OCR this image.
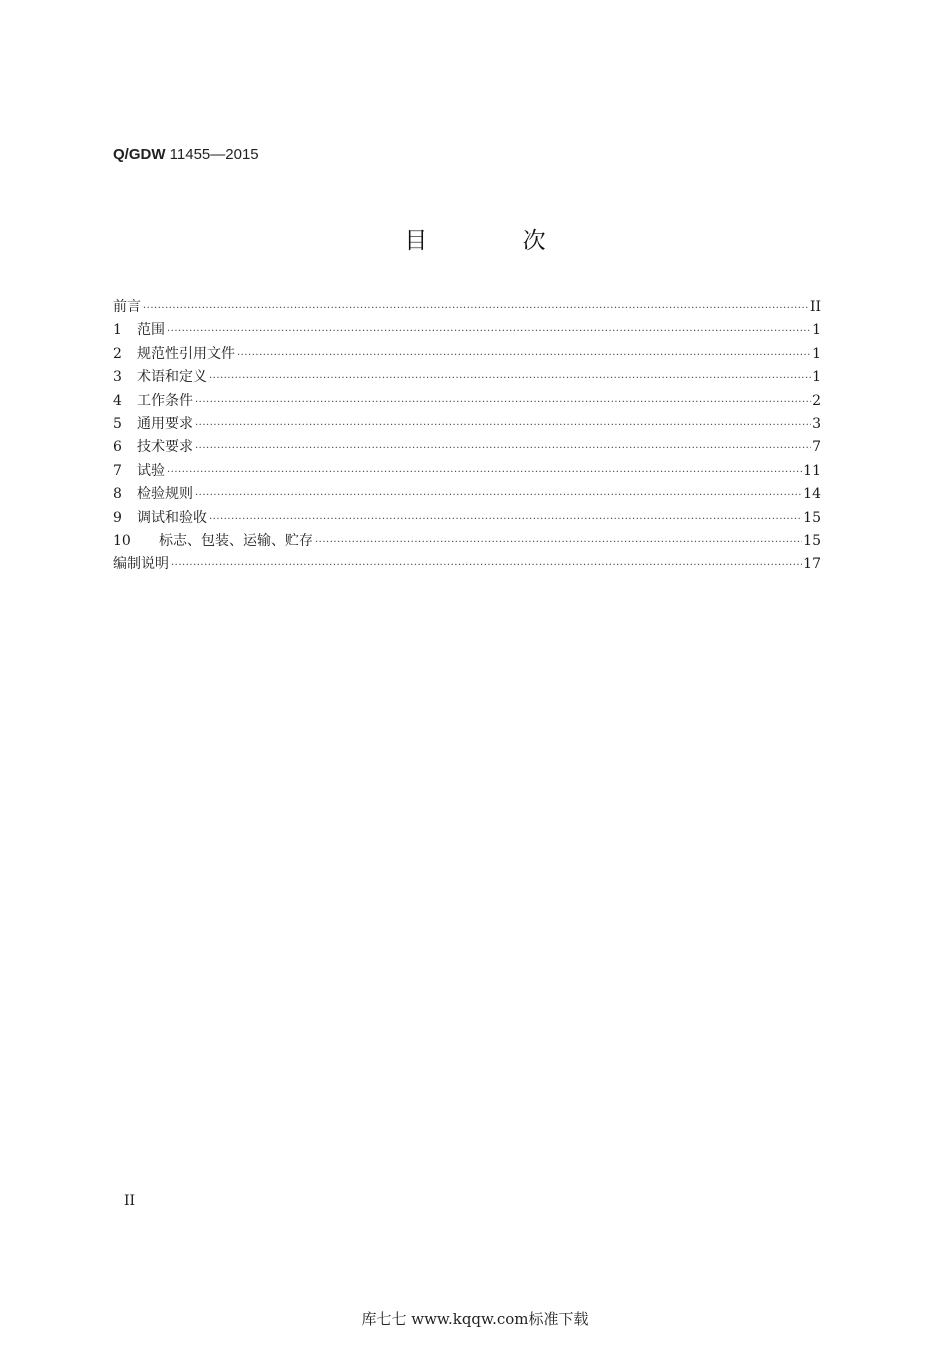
Q/GDW 11455—2015
目 次
前言 ·····	II
1	范围 ·····	1
2	规范性引用文件 ·····	1
3	术语和定义 ·····	1
4	工作条件 ·····	2
5	通用要求 ·····	3
6	技术要求 ·····	7
7	试验 ·····	11
8	检验规则 ·····	14
9	调试和验收 ·····	15
10	标志、包装、运输、贮存 ·····	15
编制说明 ·····	17
II
库七七 www.kqqw.com标准下载
